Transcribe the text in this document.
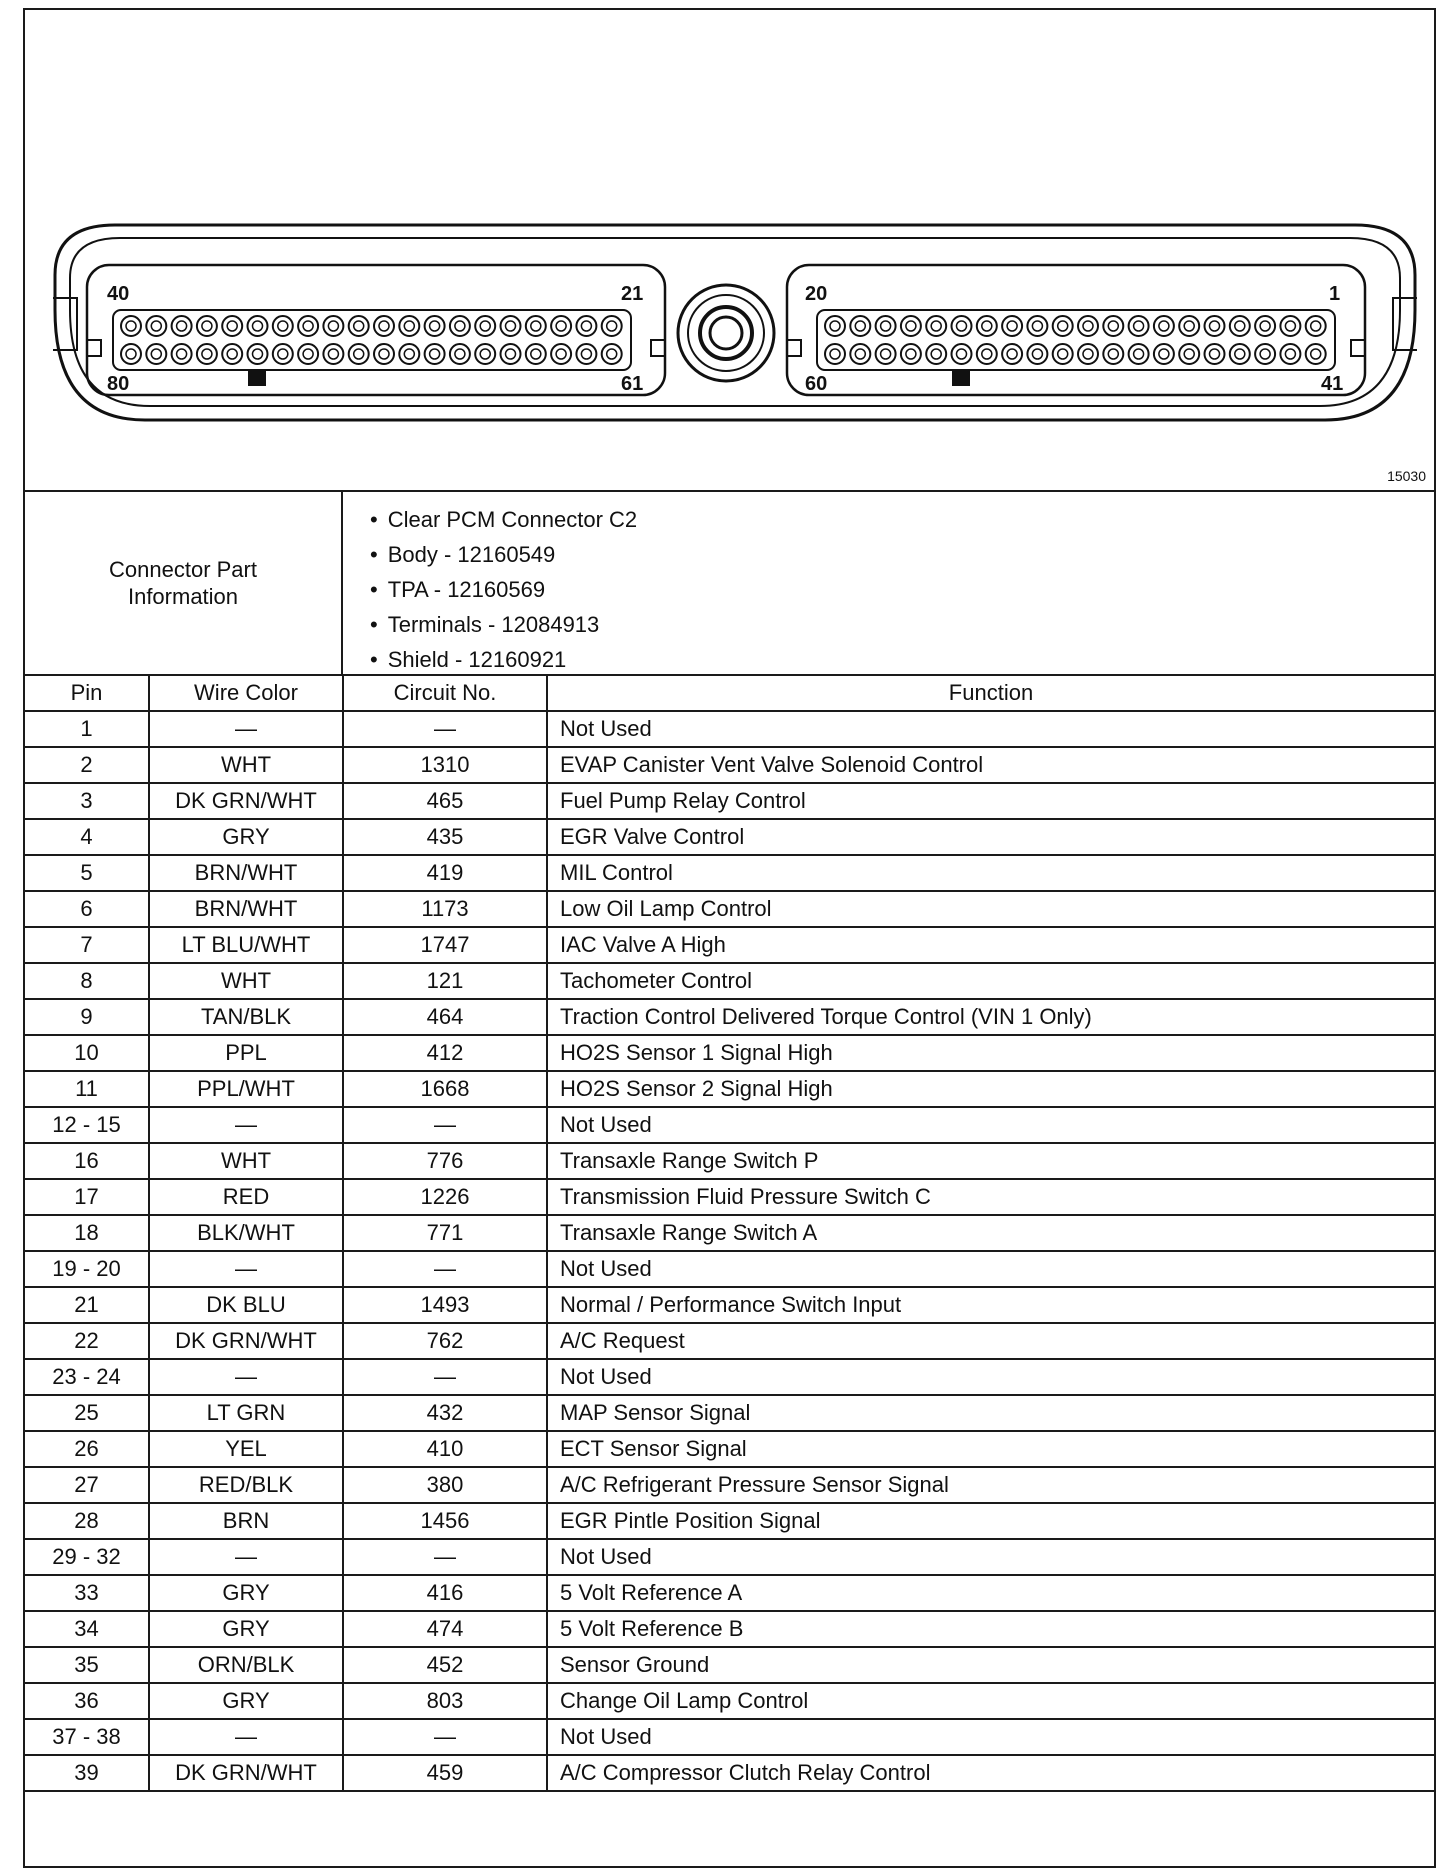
40	21
80	61
20	1
60	41
15030
Connector Part
Information
• Clear PCM Connector C2
• Body - 12160549
• TPA - 12160569
• Terminals - 12084913
• Shield - 12160921
Pin	Wire Color	Circuit No.	Function
1	—	—	Not Used
2	WHT	1310	EVAP Canister Vent Valve Solenoid Control
3	DK GRN/WHT	465	Fuel Pump Relay Control
4	GRY	435	EGR Valve Control
5	BRN/WHT	419	MIL Control
6	BRN/WHT	1173	Low Oil Lamp Control
7	LT BLU/WHT	1747	IAC Valve A High
8	WHT	121	Tachometer Control
9	TAN/BLK	464	Traction Control Delivered Torque Control (VIN 1 Only)
10	PPL	412	HO2S Sensor 1 Signal High
11	PPL/WHT	1668	HO2S Sensor 2 Signal High
12 - 15	—	—	Not Used
16	WHT	776	Transaxle Range Switch P
17	RED	1226	Transmission Fluid Pressure Switch C
18	BLK/WHT	771	Transaxle Range Switch A
19 - 20	—	—	Not Used
21	DK BLU	1493	Normal / Performance Switch Input
22	DK GRN/WHT	762	A/C Request
23 - 24	—	—	Not Used
25	LT GRN	432	MAP Sensor Signal
26	YEL	410	ECT Sensor Signal
27	RED/BLK	380	A/C Refrigerant Pressure Sensor Signal
28	BRN	1456	EGR Pintle Position Signal
29 - 32	—	—	Not Used
33	GRY	416	5 Volt Reference A
34	GRY	474	5 Volt Reference B
35	ORN/BLK	452	Sensor Ground
36	GRY	803	Change Oil Lamp Control
37 - 38	—	—	Not Used
39	DK GRN/WHT	459	A/C Compressor Clutch Relay Control
